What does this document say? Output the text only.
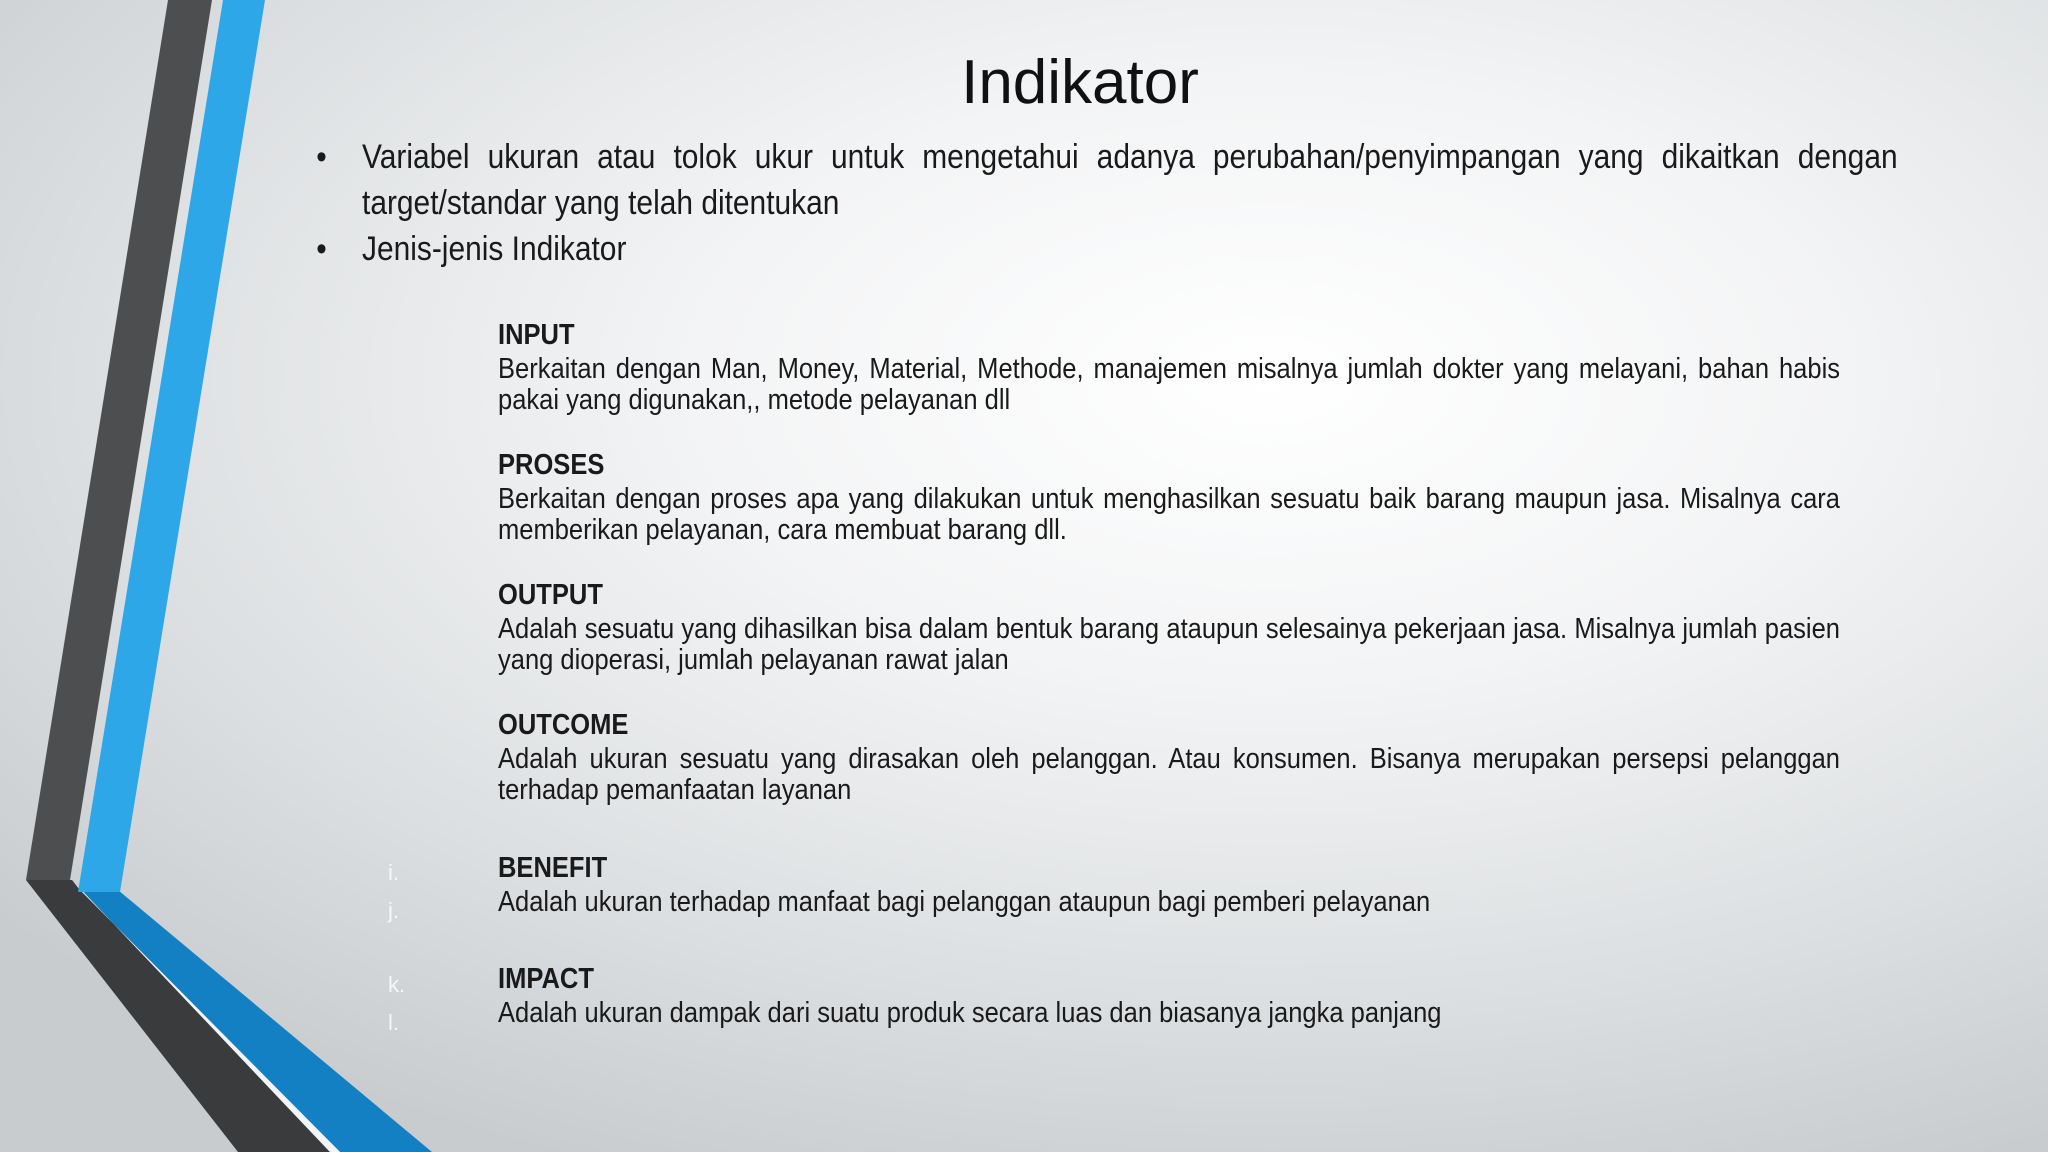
Indikator
• Variabel ukuran atau tolok ukur untuk mengetahui adanya perubahan/penyimpangan yang dikaitkan dengan target/standar yang telah ditentukan
• Jenis-jenis Indikator

INPUT

Berkaitan dengan Man, Money, Material, Methode, manajemen misalnya jumlah dokter yang melayani, bahan habis pakai yang digunakan,, metode pelayanan dll

PROSES

Berkaitan dengan proses apa yang dilakukan untuk menghasilkan sesuatu baik barang maupun jasa. Misalnya cara memberikan pelayanan, cara membuat barang dll.

OUTPUT

Adalah sesuatu yang dihasilkan bisa dalam bentuk barang ataupun selesainya pekerjaan jasa. Misalnya jumlah pasien yang dioperasi, jumlah pelayanan rawat jalan

OUTCOME

Adalah ukuran sesuatu yang dirasakan oleh pelanggan. Atau konsumen. Bisanya merupakan persepsi pelanggan terhadap pemanfaatan layanan

BENEFIT

Adalah ukuran terhadap manfaat bagi pelanggan ataupun bagi pemberi pelayanan

IMPACT

Adalah ukuran dampak dari suatu produk secara luas dan biasanya jangka panjang

i.
j.
k.
l.
